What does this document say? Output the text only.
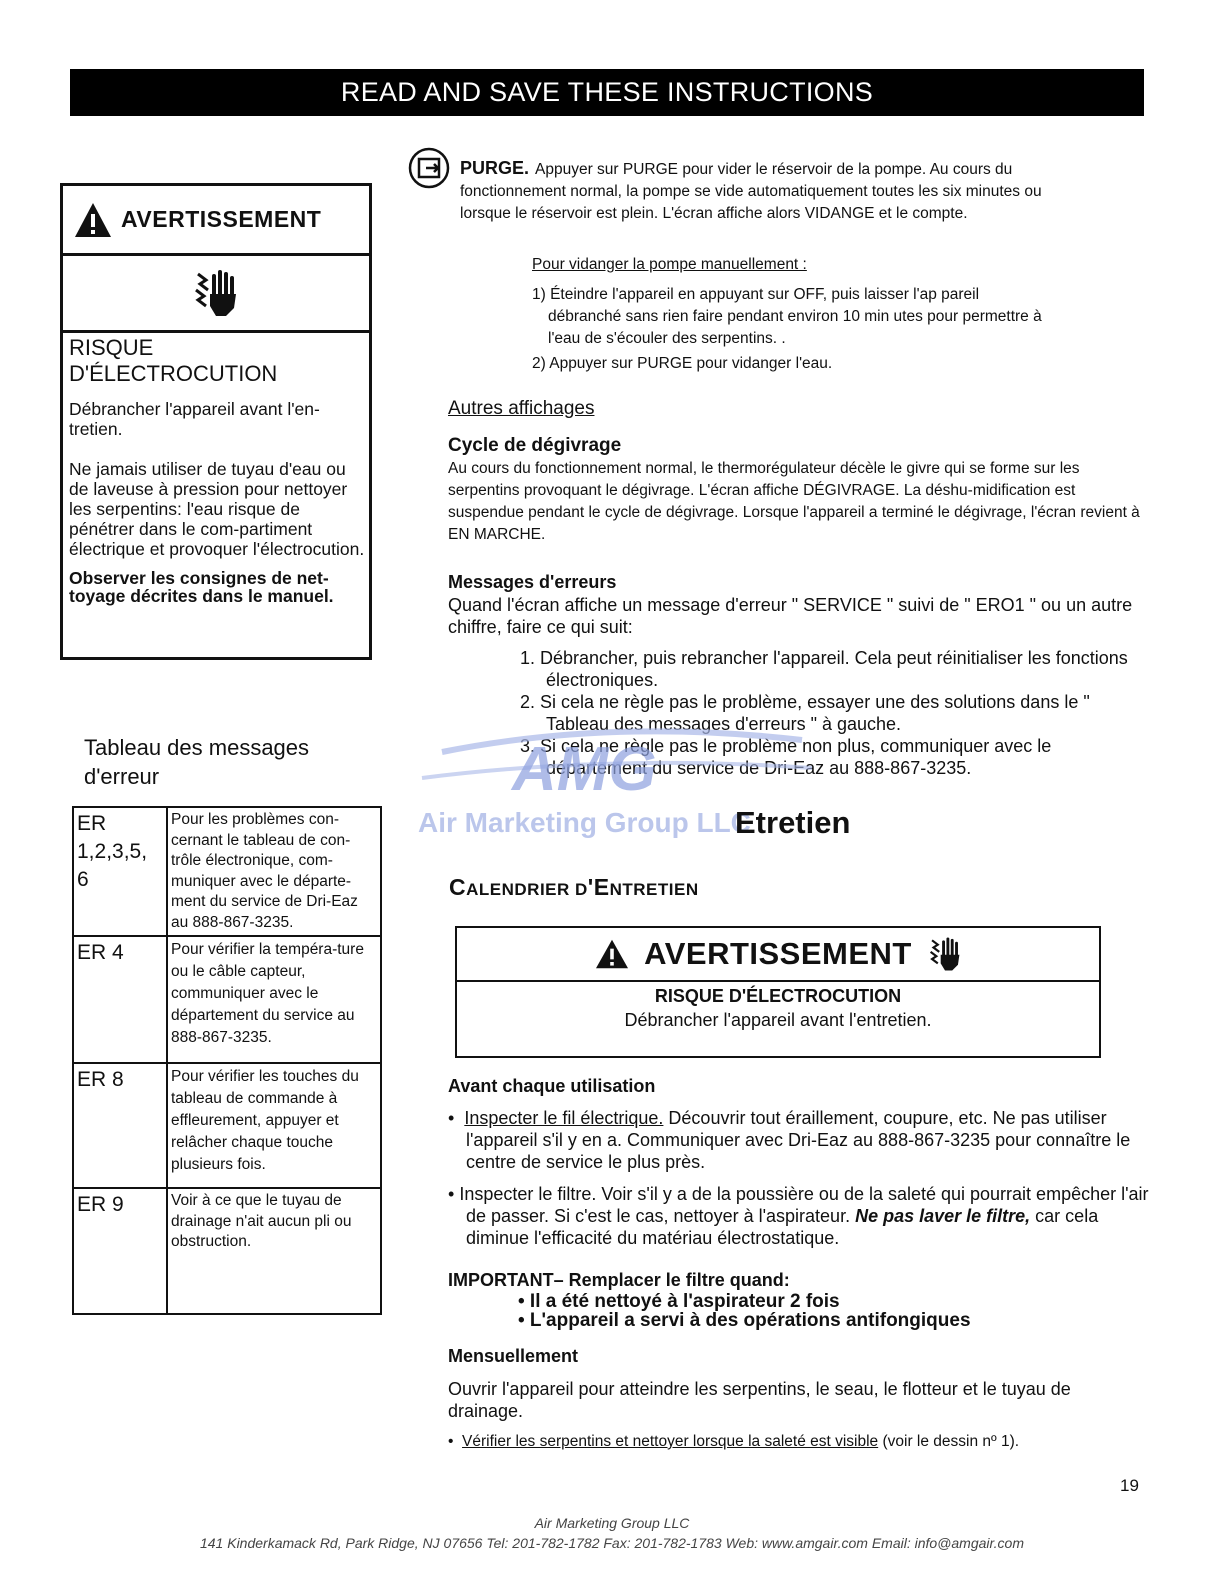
READ AND SAVE THESE INSTRUCTIONS
AVERTISSEMENT
RISQUE
D'ÉLECTROCUTION
Débrancher l'appareil avant l'en-tretien.
Ne jamais utiliser de tuyau d'eau ou de laveuse à pression pour nettoyer les serpentins: l'eau risque de pénétrer dans le com-partiment électrique et provoquer l'électrocution.
Observer les consignes de net-toyage décrites dans le manuel.
Tableau des messages
d'erreur
ER 1,2,3,5, 6	Pour les problèmes con-cernant le tableau de con-trôle électronique, com-muniquer avec le départe-ment du service de Dri-Eaz au 888-867-3235.
ER 4	Pour vérifier la tempéra-ture ou le câble capteur, communiquer avec le département du service au 888-867-3235.
ER 8	Pour vérifier les touches du tableau de commande à effleurement, appuyer et relâcher chaque touche plusieurs fois.
ER 9	Voir à ce que le tuyau de drainage n'ait aucun pli ou obstruction.
PURGE. Appuyer sur PURGE pour vider le réservoir de la pompe. Au cours du fonctionnement normal, la pompe se vide automatiquement toutes les six minutes ou lorsque le réservoir est plein. L'écran affiche alors VIDANGE et le compte.
Pour vidanger la pompe manuellement :
1) Éteindre l'appareil en appuyant sur OFF, puis laisser l'ap pareil débranché sans rien faire pendant environ 10 min utes pour permettre à l'eau de s'écouler des serpentins. .
2) Appuyer sur PURGE pour vidanger l'eau.
Autres affichages
Cycle de dégivrage
Au cours du fonctionnement normal, le thermorégulateur décèle le givre qui se forme sur les serpentins provoquant le dégivrage. L'écran affiche DÉGIVRAGE. La déshu-midification est suspendue pendant le cycle de dégivrage. Lorsque l'appareil a terminé le dégivrage, l'écran revient à EN MARCHE.
Messages d'erreurs
Quand l'écran affiche un message d'erreur " SERVICE " suivi de " ERO1 " ou un autre chiffre, faire ce qui suit:
1. Débrancher, puis rebrancher l'appareil. Cela peut réinitialiser les fonctions électroniques.
2. Si cela ne règle pas le problème, essayer une des solutions dans le " Tableau des messages d'erreurs " à gauche.
3. Si cela ne règle pas le problème non plus, communiquer avec le département du service de Dri-Eaz au 888-867-3235.
AMG
Air Marketing Group LLC
Etretien
CALENDRIER D'ENTRETIEN
AVERTISSEMENT
RISQUE D'ÉLECTROCUTION
Débrancher l'appareil avant l'entretien.
Avant chaque utilisation
•  Inspecter le fil électrique. Découvrir tout éraillement, coupure, etc. Ne pas utiliser l'appareil s'il y en a. Communiquer avec Dri-Eaz au 888-867-3235 pour connaître le centre de service le plus près.
• Inspecter le filtre. Voir s'il y a de la poussière ou de la saleté qui pourrait empêcher l'air de passer. Si c'est le cas, nettoyer à l'aspirateur. Ne pas laver le filtre, car cela diminue l'efficacité du matériau électrostatique.
IMPORTANT– Remplacer le filtre quand:
• Il a été nettoyé à l'aspirateur 2 fois
• L'appareil a servi à des opérations antifongiques
Mensuellement
Ouvrir l'appareil pour atteindre les serpentins, le seau, le flotteur et le tuyau de drainage.
•  Vérifier les serpentins et nettoyer lorsque la saleté est visible (voir le dessin nº 1).
19
Air Marketing Group LLC
141 Kinderkamack Rd, Park Ridge, NJ 07656 Tel: 201-782-1782 Fax: 201-782-1783 Web: www.amgair.com Email: info@amgair.com
